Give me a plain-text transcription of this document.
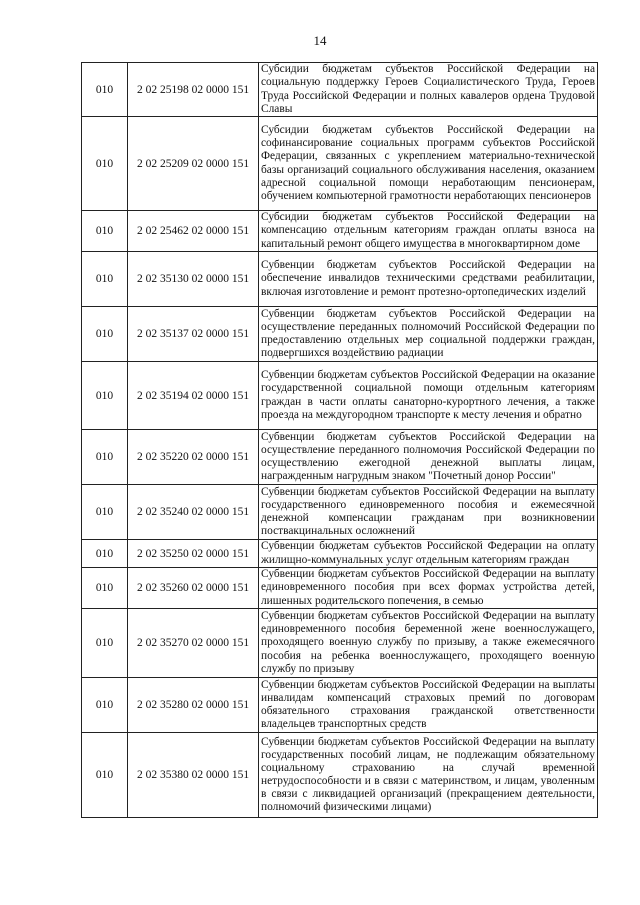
14
010	2 02 25198 02 0000 151	Субсидии бюджетам субъектов Российской Федерации на социальную поддержку Героев Социалистического Труда, Героев Труда Российской Федерации и полных кавалеров ордена Трудовой Славы
010	2 02 25209 02 0000 151	Субсидии бюджетам субъектов Российской Федерации на софинансирование социальных программ субъектов Российской Федерации, связанных с укреплением материально-технической базы организаций социального обслуживания населения, оказанием адресной социальной помощи неработающим пенсионерам, обучением компьютерной грамотности неработающих пенсионеров
010	2 02 25462 02 0000 151	Субсидии бюджетам субъектов Российской Федерации на компенсацию отдельным категориям граждан оплаты взноса на капитальный ремонт общего имущества в многоквартирном доме
010	2 02 35130 02 0000 151	Субвенции бюджетам субъектов Российской Федерации на обеспечение инвалидов техническими средствами реабилитации, включая изготовление и ремонт протезно-ортопедических изделий
010	2 02 35137 02 0000 151	Субвенции бюджетам субъектов Российской Федерации на осуществление переданных полномочий Российской Федерации по предоставлению отдельных мер социальной поддержки граждан, подвергшихся воздействию радиации
010	2 02 35194 02 0000 151	Субвенции бюджетам субъектов Российской Федерации на оказание государственной социальной помощи отдельным категориям граждан в части оплаты санаторно-курортного лечения, а также проезда на междугородном транспорте к месту лечения и обратно
010	2 02 35220 02 0000 151	Субвенции бюджетам субъектов Российской Федерации на осуществление переданного полномочия Российской Федерации по осуществлению ежегодной денежной выплаты лицам, награжденным нагрудным знаком "Почетный донор России"
010	2 02 35240 02 0000 151	Субвенции бюджетам субъектов Российской Федерации на выплату государственного единовременного пособия и ежемесячной денежной компенсации гражданам при возникновении поствакцинальных осложнений
010	2 02 35250 02 0000 151	Субвенции бюджетам субъектов Российской Федерации на оплату жилищно-коммунальных услуг отдельным категориям граждан
010	2 02 35260 02 0000 151	Субвенции бюджетам субъектов Российской Федерации на выплату единовременного пособия при всех формах устройства детей, лишенных родительского попечения, в семью
010	2 02 35270 02 0000 151	Субвенции бюджетам субъектов Российской Федерации на выплату единовременного пособия беременной жене военнослужащего, проходящего военную службу по призыву, а также ежемесячного пособия на ребенка военнослужащего, проходящего военную службу по призыву
010	2 02 35280 02 0000 151	Субвенции бюджетам субъектов Российской Федерации на выплаты инвалидам компенсаций страховых премий по договорам обязательного страхования гражданской ответственности владельцев транспортных средств
010	2 02 35380 02 0000 151	Субвенции бюджетам субъектов Российской Федерации на выплату государственных пособий лицам, не подлежащим обязательному социальному страхованию на случай временной нетрудоспособности и в связи с материнством, и лицам, уволенным в связи с ликвидацией организаций (прекращением деятельности, полномочий физическими лицами)
